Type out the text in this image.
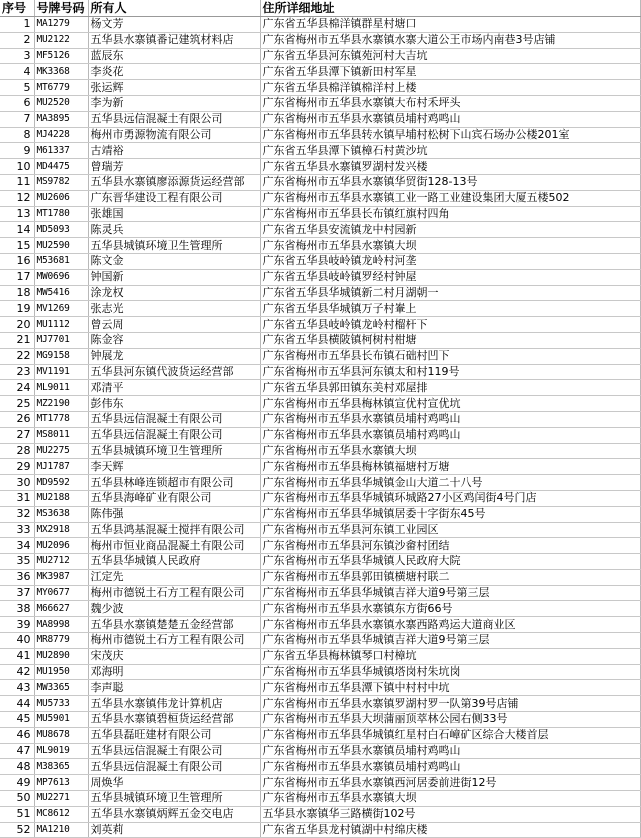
序号	号牌号码	所有人	住所详细地址
1	MA1279	杨文芳	广东省五华县棉洋镇群星村塘口
2	MU2122	五华县水寨镇番记建筑材料店	广东省梅州市五华县水寨镇水寨大道公王市场内南巷3号店铺
3	MF5126	蓝辰东	广东省五华县河东镇苑河村大吉坑
4	MK3368	李炎花	广东省五华县潭下镇新田村军星
5	MT6779	张运辉	广东省五华县棉洋镇棉洋村上楼
6	MU2520	李为新	广东省梅州市五华县水寨镇大布村禾坪头
7	MA3895	五华县远信混凝土有限公司	广东省梅州市五华县水寨镇员埔村鸡鸣山
8	MJ4228	梅州市勇源物流有限公司	广东省梅州市五华县转水镇早埔村松树下山宾石场办公楼201室
9	M61337	古靖裕	广东省五华县潭下镇樟石村黄沙坑
10	MD4475	曾瑞芳	广东省五华县水寨镇罗湖村发兴楼
11	MS9782	五华县水寨镇廖添源货运经营部	广东省梅州市五华县水寨镇华贸街128-13号
12	MU2606	广东晋华建设工程有限公司	广东省梅州市五华县水寨镇工业一路工业建设集团大厦五楼502
13	MT1780	张雄国	广东省梅州市五华县长布镇红旗村四角
14	MD5093	陈灵兵	广东省五华县安流镇龙中村园新
15	MU2590	五华县城镇环境卫生管理所	广东省梅州市五华县水寨镇大坝
16	M53681	陈文金	广东省五华县岐岭镇龙岭村河垄
17	MW0696	钟国新	广东省五华县岐岭镇罗经村钟屋
18	MW5416	涂龙权	广东省五华县华城镇新二村月湖朝一
19	MV1269	张志光	广东省五华县华城镇万子村輋上
20	MU1112	曾云周	广东省五华县岐岭镇龙岭村榴杆下
21	MJ7701	陈金容	广东省五华县横陂镇柯树村柑塘
22	MG9158	钟展龙	广东省梅州市五华县长布镇石础村凹下
23	MV1191	五华县河东镇代波货运经营部	广东省梅州市五华县河东镇太和村119号
24	ML9011	邓清平	广东省五华县郭田镇东美村邓屋排
25	MZ2190	彭伟东	广东省梅州市五华县梅林镇宣优村宣优坑
26	MT1778	五华县远信混凝土有限公司	广东省梅州市五华县水寨镇员埔村鸡鸣山
27	MS8011	五华县远信混凝土有限公司	广东省梅州市五华县水寨镇员埔村鸡鸣山
28	MU2275	五华县城镇环境卫生管理所	广东省梅州市五华县水寨镇大坝
29	MJ1787	李天辉	广东省梅州市五华县梅林镇福塘村万塘
30	MD9592	五华县林峰连锁超市有限公司	广东省梅州市五华县华城镇金山大道二十八号
31	MU2188	五华县海峰矿业有限公司	广东省梅州市五华县华城镇环城路27小区鸡闰街4号门店
32	MS3638	陈伟强	广东省梅州市五华县华城镇居委十字街东45号
33	MX2918	五华县鸿基混凝土搅拌有限公司	广东省梅州市五华县河东镇工业园区
34	MU2096	梅州市恒业商品混凝土有限公司	广东省梅州市五华县河东镇沙畲村团结
35	MU2712	五华县华城镇人民政府	广东省梅州市五华县华城镇人民政府大院
36	MK3987	江定先	广东省梅州市五华县郭田镇横塘村联二
37	MY0677	梅州市德锐土石方工程有限公司	广东省梅州市五华县华城镇吉祥大道9号第三层
38	M66627	魏少波	广东省梅州市五华县水寨镇东方街66号
39	MA8998	五华县水寨镇楚楚五金经营部	广东省梅州市五华县水寨镇水寨西路鸡运大道商业区
40	MR8779	梅州市德锐土石方工程有限公司	广东省梅州市五华县华城镇吉祥大道9号第三层
41	MU2890	宋茂庆	广东省五华县梅林镇琴口村樟坑
42	MU1950	邓海明	广东省梅州市五华县华城镇塔岗村朱坑岗
43	MW3365	李声聪	广东省梅州市五华县潭下镇中村村中坑
44	MU5733	五华县水寨镇伟龙计算机店	广东省梅州市五华县水寨镇罗湖村罗一队第39号店铺
45	MU5901	五华县水寨镇碧桓货运经营部	广东省梅州市五华县大坝蒲丽顶萃林公园右侧33号
46	MU8678	五华县磊旺建材有限公司	广东省梅州市五华县华城镇红星村白石嶂矿区综合大楼首层
47	ML9019	五华县远信混凝土有限公司	广东省梅州市五华县水寨镇员埔村鸡鸣山
48	M38365	五华县远信混凝土有限公司	广东省梅州市五华县水寨镇员埔村鸡鸣山
49	MP7613	周焕华	广东省梅州市五华县水寨镇西河居委前进街12号
50	MU2271	五华县城镇环境卫生管理所	广东省梅州市五华县水寨镇大坝
51	MC8612	五华县水寨镇炳辉五金交电店	五华县水寨镇华三路横街102号
52	MA1210	刘英莉	广东省五华县龙村镇湖中村绵庆楼
